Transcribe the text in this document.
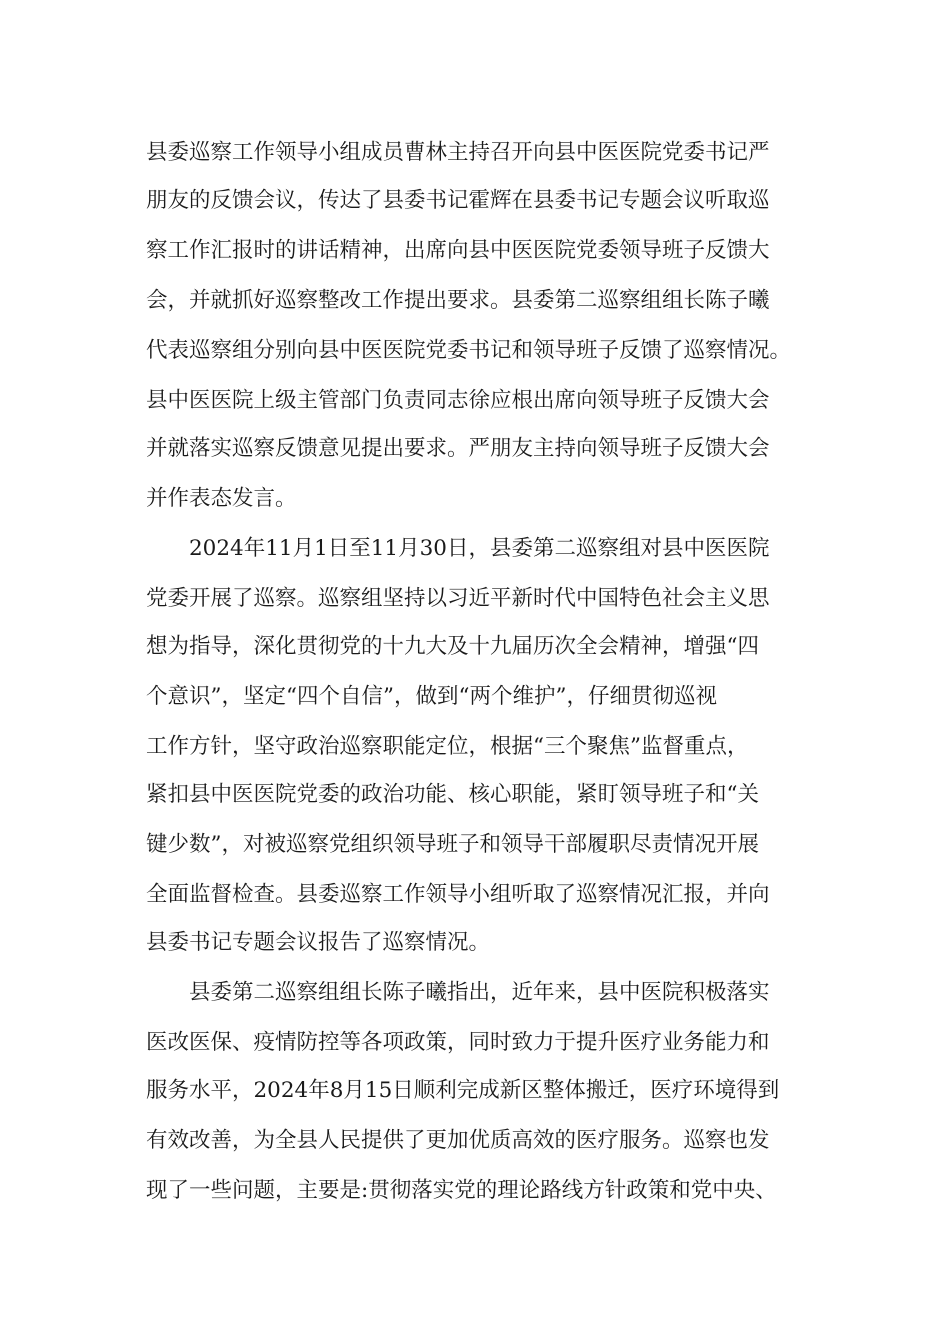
县委巡察工作领导小组成员曹林主持召开向县中医医院党委书记严
朋友的反馈会议，传达了县委书记霍辉在县委书记专题会议听取巡
察工作汇报时的讲话精神，出席向县中医医院党委领导班子反馈大
会，并就抓好巡察整改工作提出要求。县委第二巡察组组长陈子曦
代表巡察组分别向县中医医院党委书记和领导班子反馈了巡察情况。
县中医医院上级主管部门负责同志徐应根出席向领导班子反馈大会
并就落实巡察反馈意见提出要求。严朋友主持向领导班子反馈大会
并作表态发言。
2024年11月1日至11月30日，县委第二巡察组对县中医医院
党委开展了巡察。巡察组坚持以习近平新时代中国特色社会主义思
想为指导，深化贯彻党的十九大及十九届历次全会精神，增强“四
个意识”，坚定“四个自信”，做到“两个维护”，仔细贯彻巡视
工作方针，坚守政治巡察职能定位，根据“三个聚焦”监督重点，
紧扣县中医医院党委的政治功能、核心职能，紧盯领导班子和“关
键少数”，对被巡察党组织领导班子和领导干部履职尽责情况开展
全面监督检查。县委巡察工作领导小组听取了巡察情况汇报，并向
县委书记专题会议报告了巡察情况。
县委第二巡察组组长陈子曦指出，近年来，县中医院积极落实
医改医保、疫情防控等各项政策，同时致力于提升医疗业务能力和
服务水平，2024年8月15日顺利完成新区整体搬迁，医疗环境得到
有效改善，为全县人民提供了更加优质高效的医疗服务。巡察也发
现了一些问题，主要是:贯彻落实党的理论路线方针政策和党中央、
